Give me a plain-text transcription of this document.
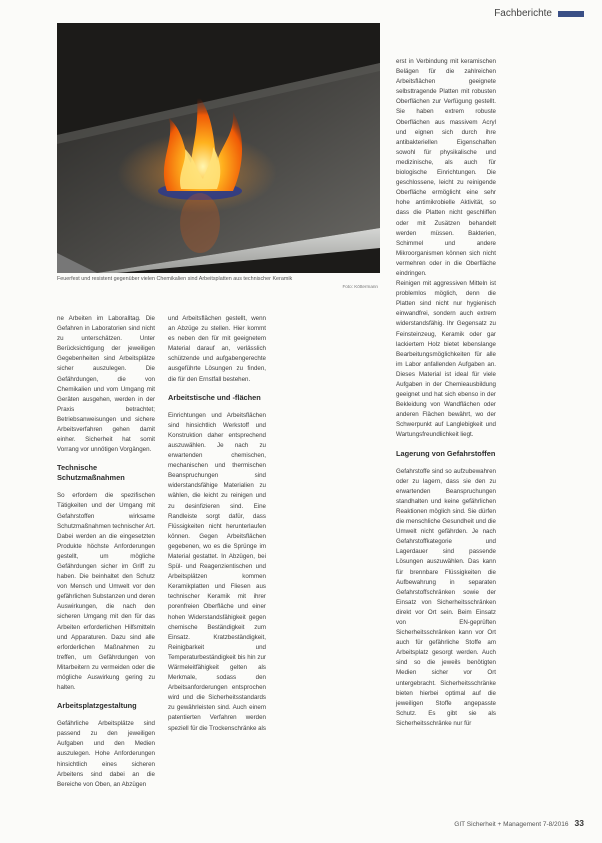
Fachberichte
Feuerfest und resistent gegenüber vielen Chemikalien sind Arbeitsplatten aus technischer Keramik
Foto: Köttermann

ne Arbeiten im Laboralltag. Die Gefahren in Laboratorien sind nicht zu unterschätzen. Unter Berücksichtigung der jeweiligen Gegebenheiten sind Arbeitsplätze sicher auszulegen. Die Gefährdungen, die von Chemikalien und vom Umgang mit Geräten ausgehen, werden in der Praxis betrachtet; Betriebsanweisungen und sichere Arbeitsverfahren gehen damit einher. Sicherheit hat somit Vorrang vor unnötigen Vorgängen.

Technische Schutzmaßnahmen

So erfordern die spezifischen Tätigkeiten und der Umgang mit Gefahrstoffen wirksame Schutzmaßnahmen technischer Art. Dabei werden an die eingesetzten Produkte höchste Anforderungen gestellt, um mögliche Gefährdungen sicher im Griff zu haben. Die beinhaltet den Schutz von Mensch und Umwelt vor den gefährlichen Substanzen und deren Auswirkungen, die nach den sicheren Umgang mit den für das Arbeiten erforderlichen Hilfsmitteln und Apparaturen. Dazu sind alle erforderlichen Maßnahmen zu treffen, um Gefährdungen von Mitarbeitern zu vermeiden oder die mögliche Auswirkung gering zu halten.

Arbeitsplatzgestaltung

Gefährliche Arbeitsplätze sind passend zu den jeweiligen Aufgaben und den Medien auszulegen. Hohe Anforderungen hinsichtlich eines sicheren Arbeitens sind dabei an die Bereiche von Oben, an Abzügen

und Arbeitsflächen gestellt, wenn an Abzüge zu stellen. Hier kommt es neben den für mit geeignetem Material darauf an, verlässlich schützende und aufgabengerechte ausgeführte Lösungen zu finden, die für den Ernstfall bestehen.

Arbeitstische und -flächen

Einrichtungen und Arbeitsflächen sind hinsichtlich Werkstoff und Konstruktion daher entsprechend auszuwählen. Je nach zu erwartenden chemischen, mechanischen und thermischen Beanspruchungen sind widerstandsfähige Materialien zu wählen, die leicht zu reinigen und zu desinfizieren sind. Eine Randleiste sorgt dafür, dass Flüssigkeiten nicht herunterlaufen können. Gegen Arbeitsflächen gegebenen, wo es die Sprünge im Material gestattet. In Abzügen, bei Spül- und Reagenzientischen und Arbeitsplätzen kommen Keramikplatten und Fliesen aus technischer Keramik mit ihrer porenfreien Oberfläche und einer hohen Widerstandsfähigkeit gegen chemische Beständigkeit zum Einsatz. Kratzbeständigkeit, Reinigbarkeit und Temperaturbeständigkeit bis hin zur Wärmeleitfähigkeit gelten als Merkmale, sodass den Arbeitsanforderungen entsprochen wird und die Sicherheitsstandards zu gewährleisten sind. Auch einem patentierten Verfahren werden speziell für die Trockenschränke als

erst in Verbindung mit keramischen Belägen für die zahlreichen Arbeitsflächen geeignete selbsttragende Platten mit robusten Oberflächen zur Verfügung gestellt. Sie haben extrem robuste Oberflächen aus massivem Acryl und eignen sich durch ihre antibakteriellen Eigenschaften sowohl für physikalische und medizinische, als auch für biologische Einrichtungen. Die geschlossene, leicht zu reinigende Oberfläche ermöglicht eine sehr hohe antimikrobielle Aktivität, so dass die Platten nicht geschliffen oder mit Zusätzen behandelt werden müssen. Bakterien, Schimmel und andere Mikroorganismen können sich nicht vermehren oder in die Oberfläche eindringen.

Reinigen mit aggressiven Mitteln ist problemlos möglich, denn die Platten sind nicht nur hygienisch einwandfrei, sondern auch extrem widerstandsfähig. Ihr Gegensatz zu Feinsteinzeug, Keramik oder gar lackiertem Holz bietet lebenslange Bearbeitungsmöglichkeiten für alle im Labor anfallenden Aufgaben an. Dieses Material ist ideal für viele Aufgaben in der Chemieausbildung geeignet und hat sich ebenso in der Bekleidung von Wandflächen oder anderen Flächen bewährt, wo der Schwerpunkt auf Langlebigkeit und Wartungsfreundlichkeit liegt.

Lagerung von Gefahrstoffen

Gefahrstoffe sind so aufzubewahren oder zu lagern, dass sie den zu erwartenden Beanspruchungen standhalten und keine gefährlichen Reaktionen möglich sind. Sie dürfen die menschliche Gesundheit und die Umwelt nicht gefährden. Je nach Gefahrstoffkategorie und Lagerdauer sind passende Lösungen auszuwählen. Das kann für brennbare Flüssigkeiten die Aufbewahrung in separaten Gefahrstoffschränken sowie der Einsatz von Sicherheitsschränken direkt vor Ort sein. Beim Einsatz von EN-geprüften Sicherheitsschränken kann vor Ort auch für gefährliche Stoffe am Arbeitsplatz gesorgt werden. Auch sind so die jeweils benötigten Medien sicher vor Ort untergebracht. Sicherheitsschränke bieten hierbei optimal auf die jeweiligen Stoffe angepasste Schutz. Es gibt sie als Sicherheitsschränke nur für

GIT Sicherheit + Management 7-8/2016 33
